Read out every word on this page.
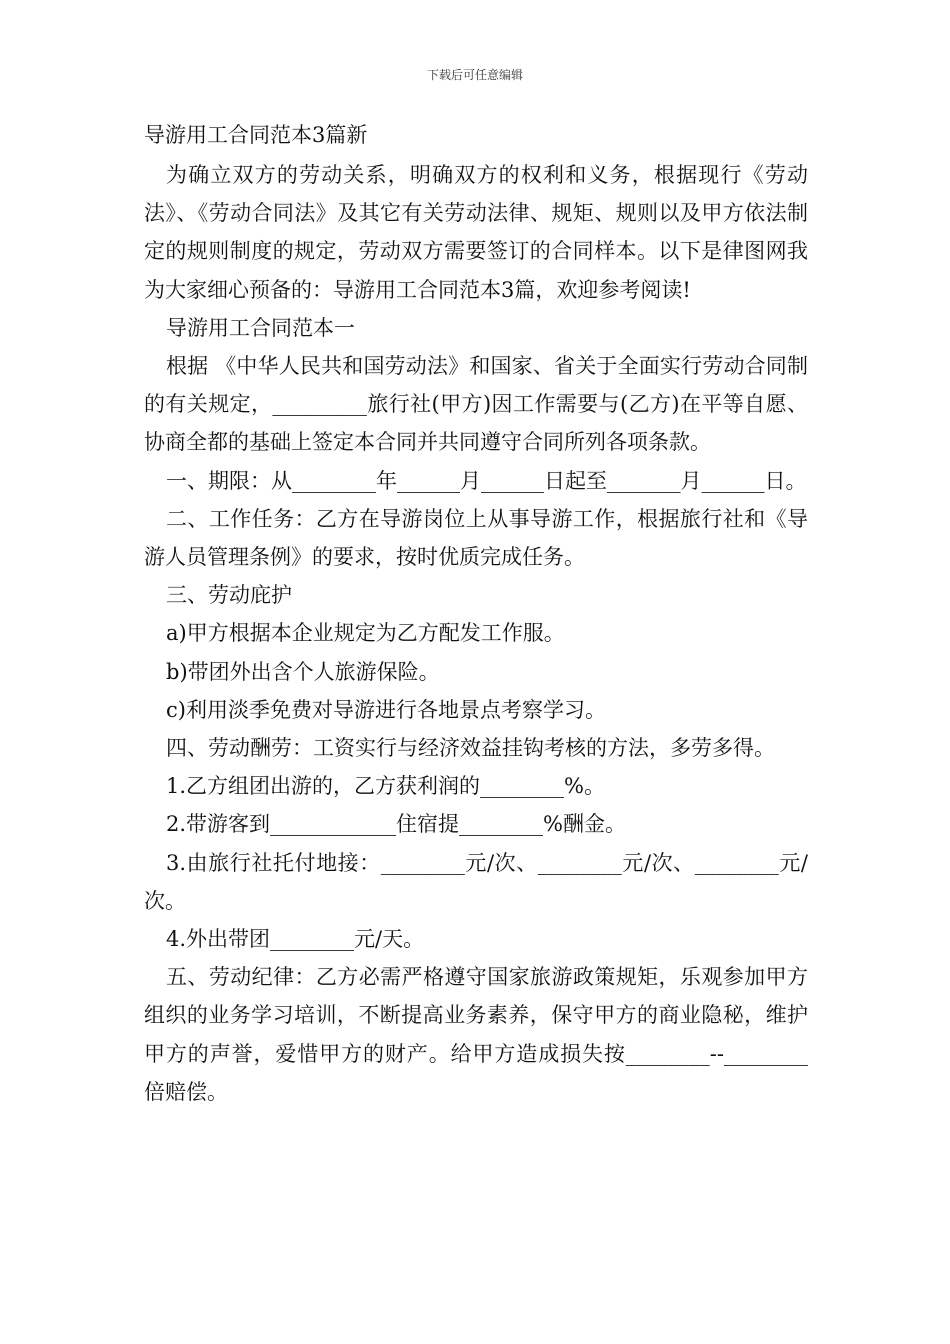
下载后可任意编辑

导游用工合同范本3篇新

为确立双方的劳动关系，明确双方的权利和义务，根据现行《劳动法》、《劳动合同法》及其它有关劳动法律、规矩、规则以及甲方依法制定的规则制度的规定，劳动双方需要签订的合同样本。以下是律图网我为大家细心预备的：导游用工合同范本3篇，欢迎参考阅读!

导游用工合同范本一

根据 《中华人民共和国劳动法》和国家、省关于全面实行劳动合同制的有关规定，_________旅行社(甲方)因工作需要与(乙方)在平等自愿、协商全都的基础上签定本合同并共同遵守合同所列各项条款。

一、期限：从________年______月______日起至_______月______日。

二、工作任务：乙方在导游岗位上从事导游工作，根据旅行社和《导游人员管理条例》的要求，按时优质完成任务。

三、劳动庇护

a)甲方根据本企业规定为乙方配发工作服。

b)带团外出含个人旅游保险。

c)利用淡季免费对导游进行各地景点考察学习。

四、劳动酬劳：工资实行与经济效益挂钩考核的方法，多劳多得。

1.乙方组团出游的，乙方获利润的________%。

2.带游客到____________住宿提________%酬金。

3.由旅行社托付地接：________元/次、________元/次、________元/次。

4.外出带团________元/天。

五、劳动纪律：乙方必需严格遵守国家旅游政策规矩，乐观参加甲方组织的业务学习培训，不断提高业务素养，保守甲方的商业隐秘，维护甲方的声誉，爱惜甲方的财产。给甲方造成损失按________--________倍赔偿。
